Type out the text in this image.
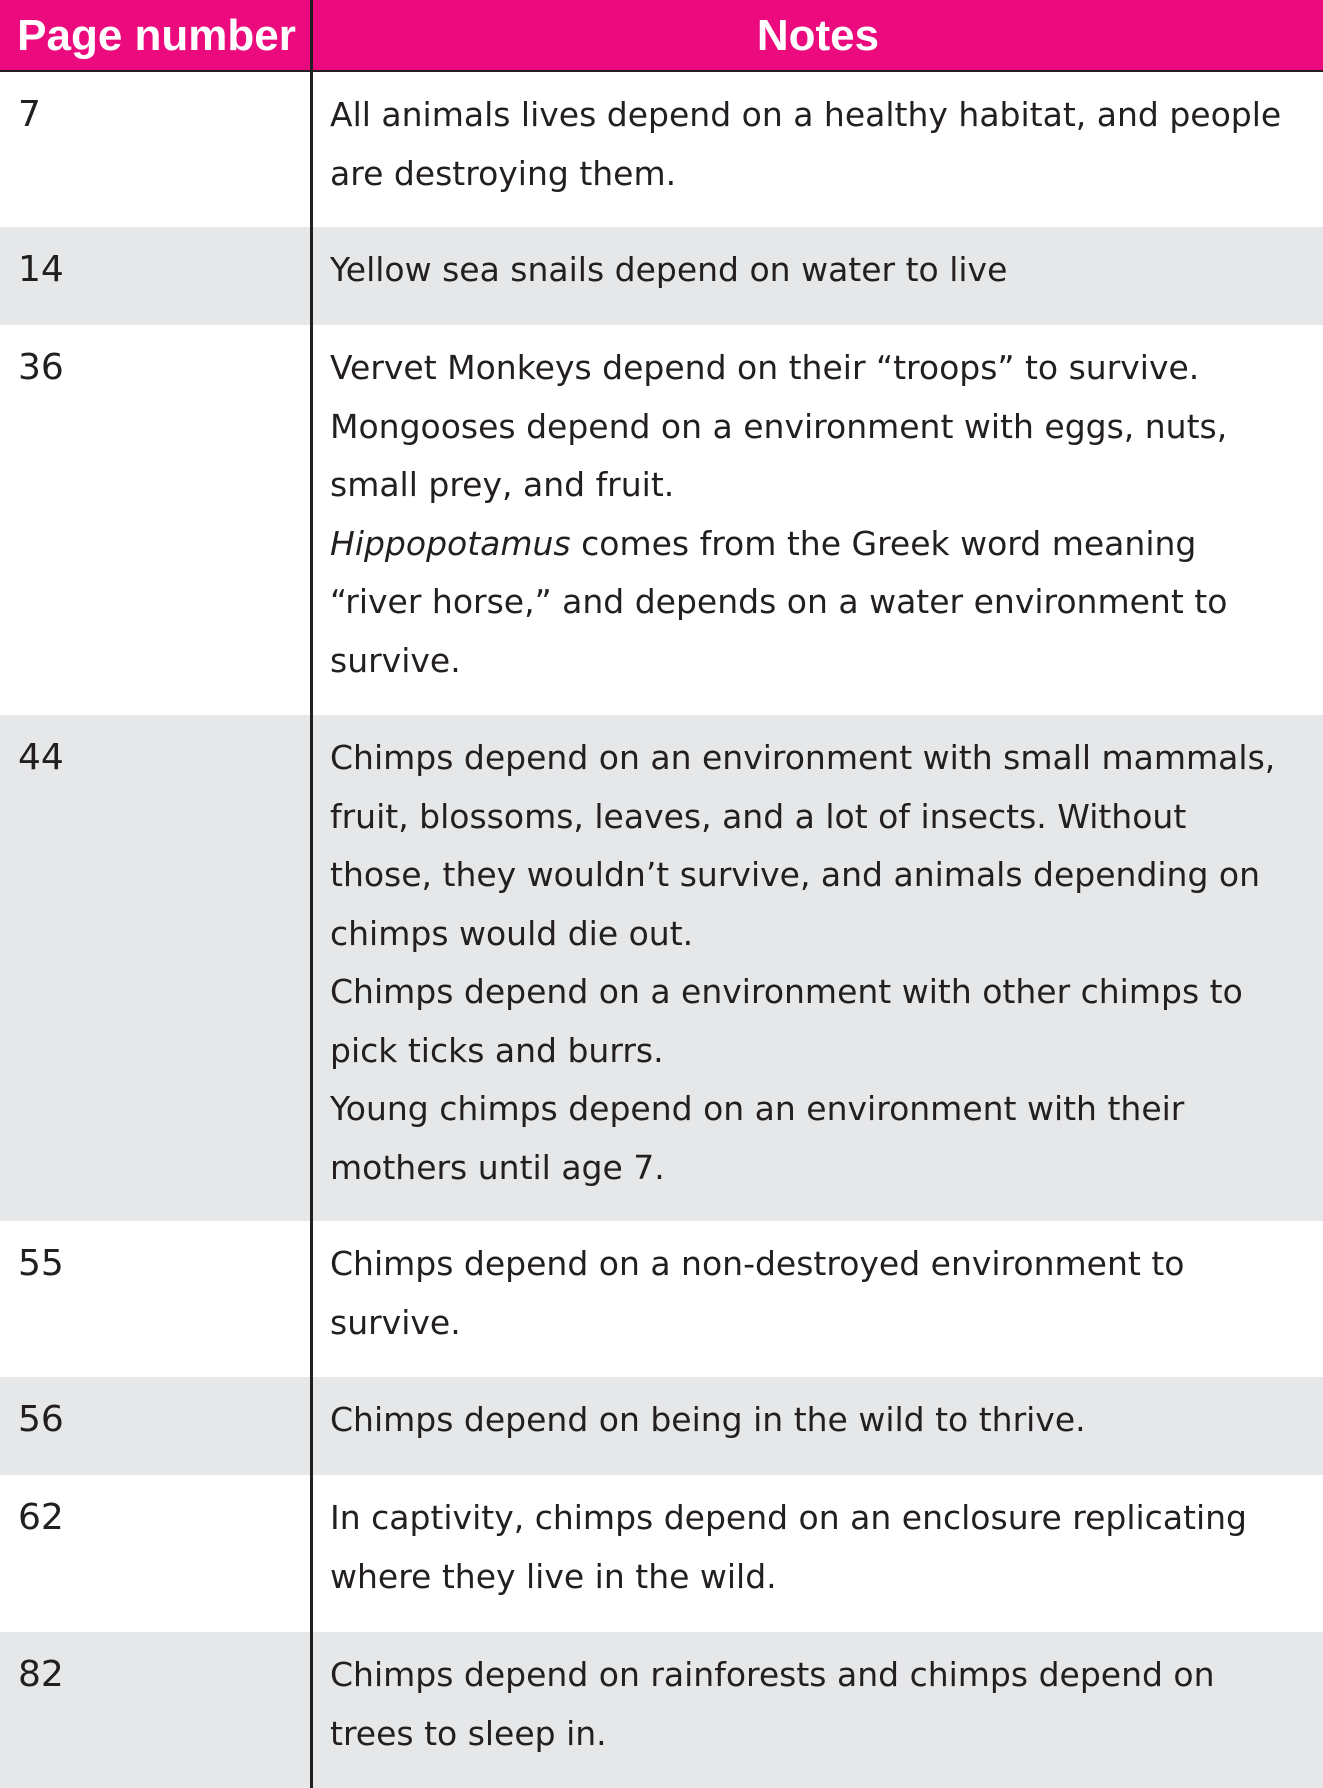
Page number	Notes
7	All animals lives depend on a healthy habitat, and people
are destroying them.
14	Yellow sea snails depend on water to live
36	Vervet Monkeys depend on their “troops” to survive.
Mongooses depend on a environment with eggs, nuts,
small prey, and fruit.
Hippopotamus comes from the Greek word meaning
“river horse,” and depends on a water environment to
survive.
44	Chimps depend on an environment with small mammals,
fruit, blossoms, leaves, and a lot of insects. Without
those, they wouldn’t survive, and animals depending on
chimps would die out.
Chimps depend on a environment with other chimps to
pick ticks and burrs.
Young chimps depend on an environment with their
mothers until age 7.
55	Chimps depend on a non-destroyed environment to
survive.
56	Chimps depend on being in the wild to thrive.
62	In captivity, chimps depend on an enclosure replicating
where they live in the wild.
82	Chimps depend on rainforests and chimps depend on
trees to sleep in.
